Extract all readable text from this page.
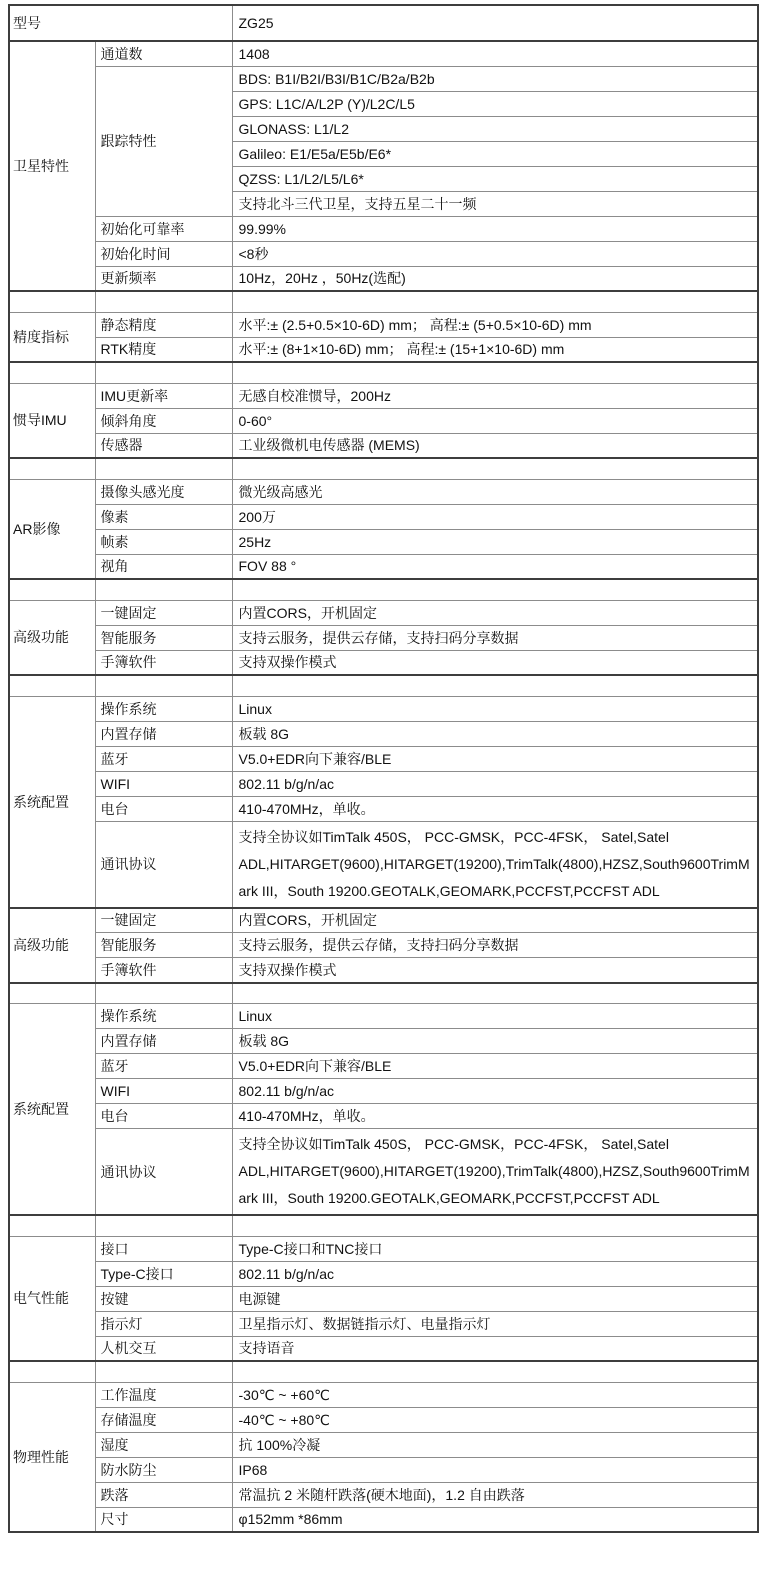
型号		ZG25
卫星特性	通道数	1408
	跟踪特性	BDS: B1I/B2I/B3I/B1C/B2a/B2b
		GPS: L1C/A/L2P (Y)/L2C/L5
		GLONASS: L1/L2
		Galileo: E1/E5a/E5b/E6*
		QZSS: L1/L2/L5/L6*
		支持北斗三代卫星，支持五星二十一频
	初始化可靠率	99.99%
	初始化时间	<8秒
	更新频率	10Hz，20Hz ，50Hz(选配)

精度指标	静态精度	水平:± (2.5+0.5×10-6D) mm； 高程:± (5+0.5×10-6D) mm
	RTK精度	水平:± (8+1×10-6D) mm； 高程:± (15+1×10-6D) mm

惯导IMU	IMU更新率	无感自校准惯导，200Hz
	倾斜角度	0-60°
	传感器	工业级微机电传感器 (MEMS)

AR影像	摄像头感光度	微光级高感光
	像素	200万
	帧素	25Hz
	视角	FOV 88 °

高级功能	一键固定	内置CORS，开机固定
	智能服务	支持云服务，提供云存储，支持扫码分享数据
	手簿软件	支持双操作模式

系统配置	操作系统	Linux
	内置存储	板载 8G
	蓝牙	V5.0+EDR向下兼容/BLE
	WIFI	802.11 b/g/n/ac
	电台	410-470MHz，单收。
	通讯协议	支持全协议如TimTalk 450S， PCC-GMSK，PCC-4FSK， Satel,Satel ADL,HITARGET(9600),HITARGET(19200),TrimTalk(4800),HZSZ,South9600TrimMark III，South 19200.GEOTALK,GEOMARK,PCCFST,PCCFST ADL
高级功能	一键固定	内置CORS，开机固定
	智能服务	支持云服务，提供云存储，支持扫码分享数据
	手簿软件	支持双操作模式

系统配置	操作系统	Linux
	内置存储	板载 8G
	蓝牙	V5.0+EDR向下兼容/BLE
	WIFI	802.11 b/g/n/ac
	电台	410-470MHz，单收。
	通讯协议	支持全协议如TimTalk 450S， PCC-GMSK，PCC-4FSK， Satel,Satel ADL,HITARGET(9600),HITARGET(19200),TrimTalk(4800),HZSZ,South9600TrimMark III，South 19200.GEOTALK,GEOMARK,PCCFST,PCCFST ADL

电气性能	接口	Type-C接口和TNC接口
	Type-C接口	802.11 b/g/n/ac
	按键	电源键
	指示灯	卫星指示灯、数据链指示灯、电量指示灯
	人机交互	支持语音

物理性能	工作温度	-30℃ ~ +60℃
	存储温度	-40℃ ~ +80℃
	湿度	抗 100%冷凝
	防水防尘	IP68
	跌落	常温抗 2 米随杆跌落(硬木地面)，1.2 自由跌落
	尺寸	φ152mm *86mm
